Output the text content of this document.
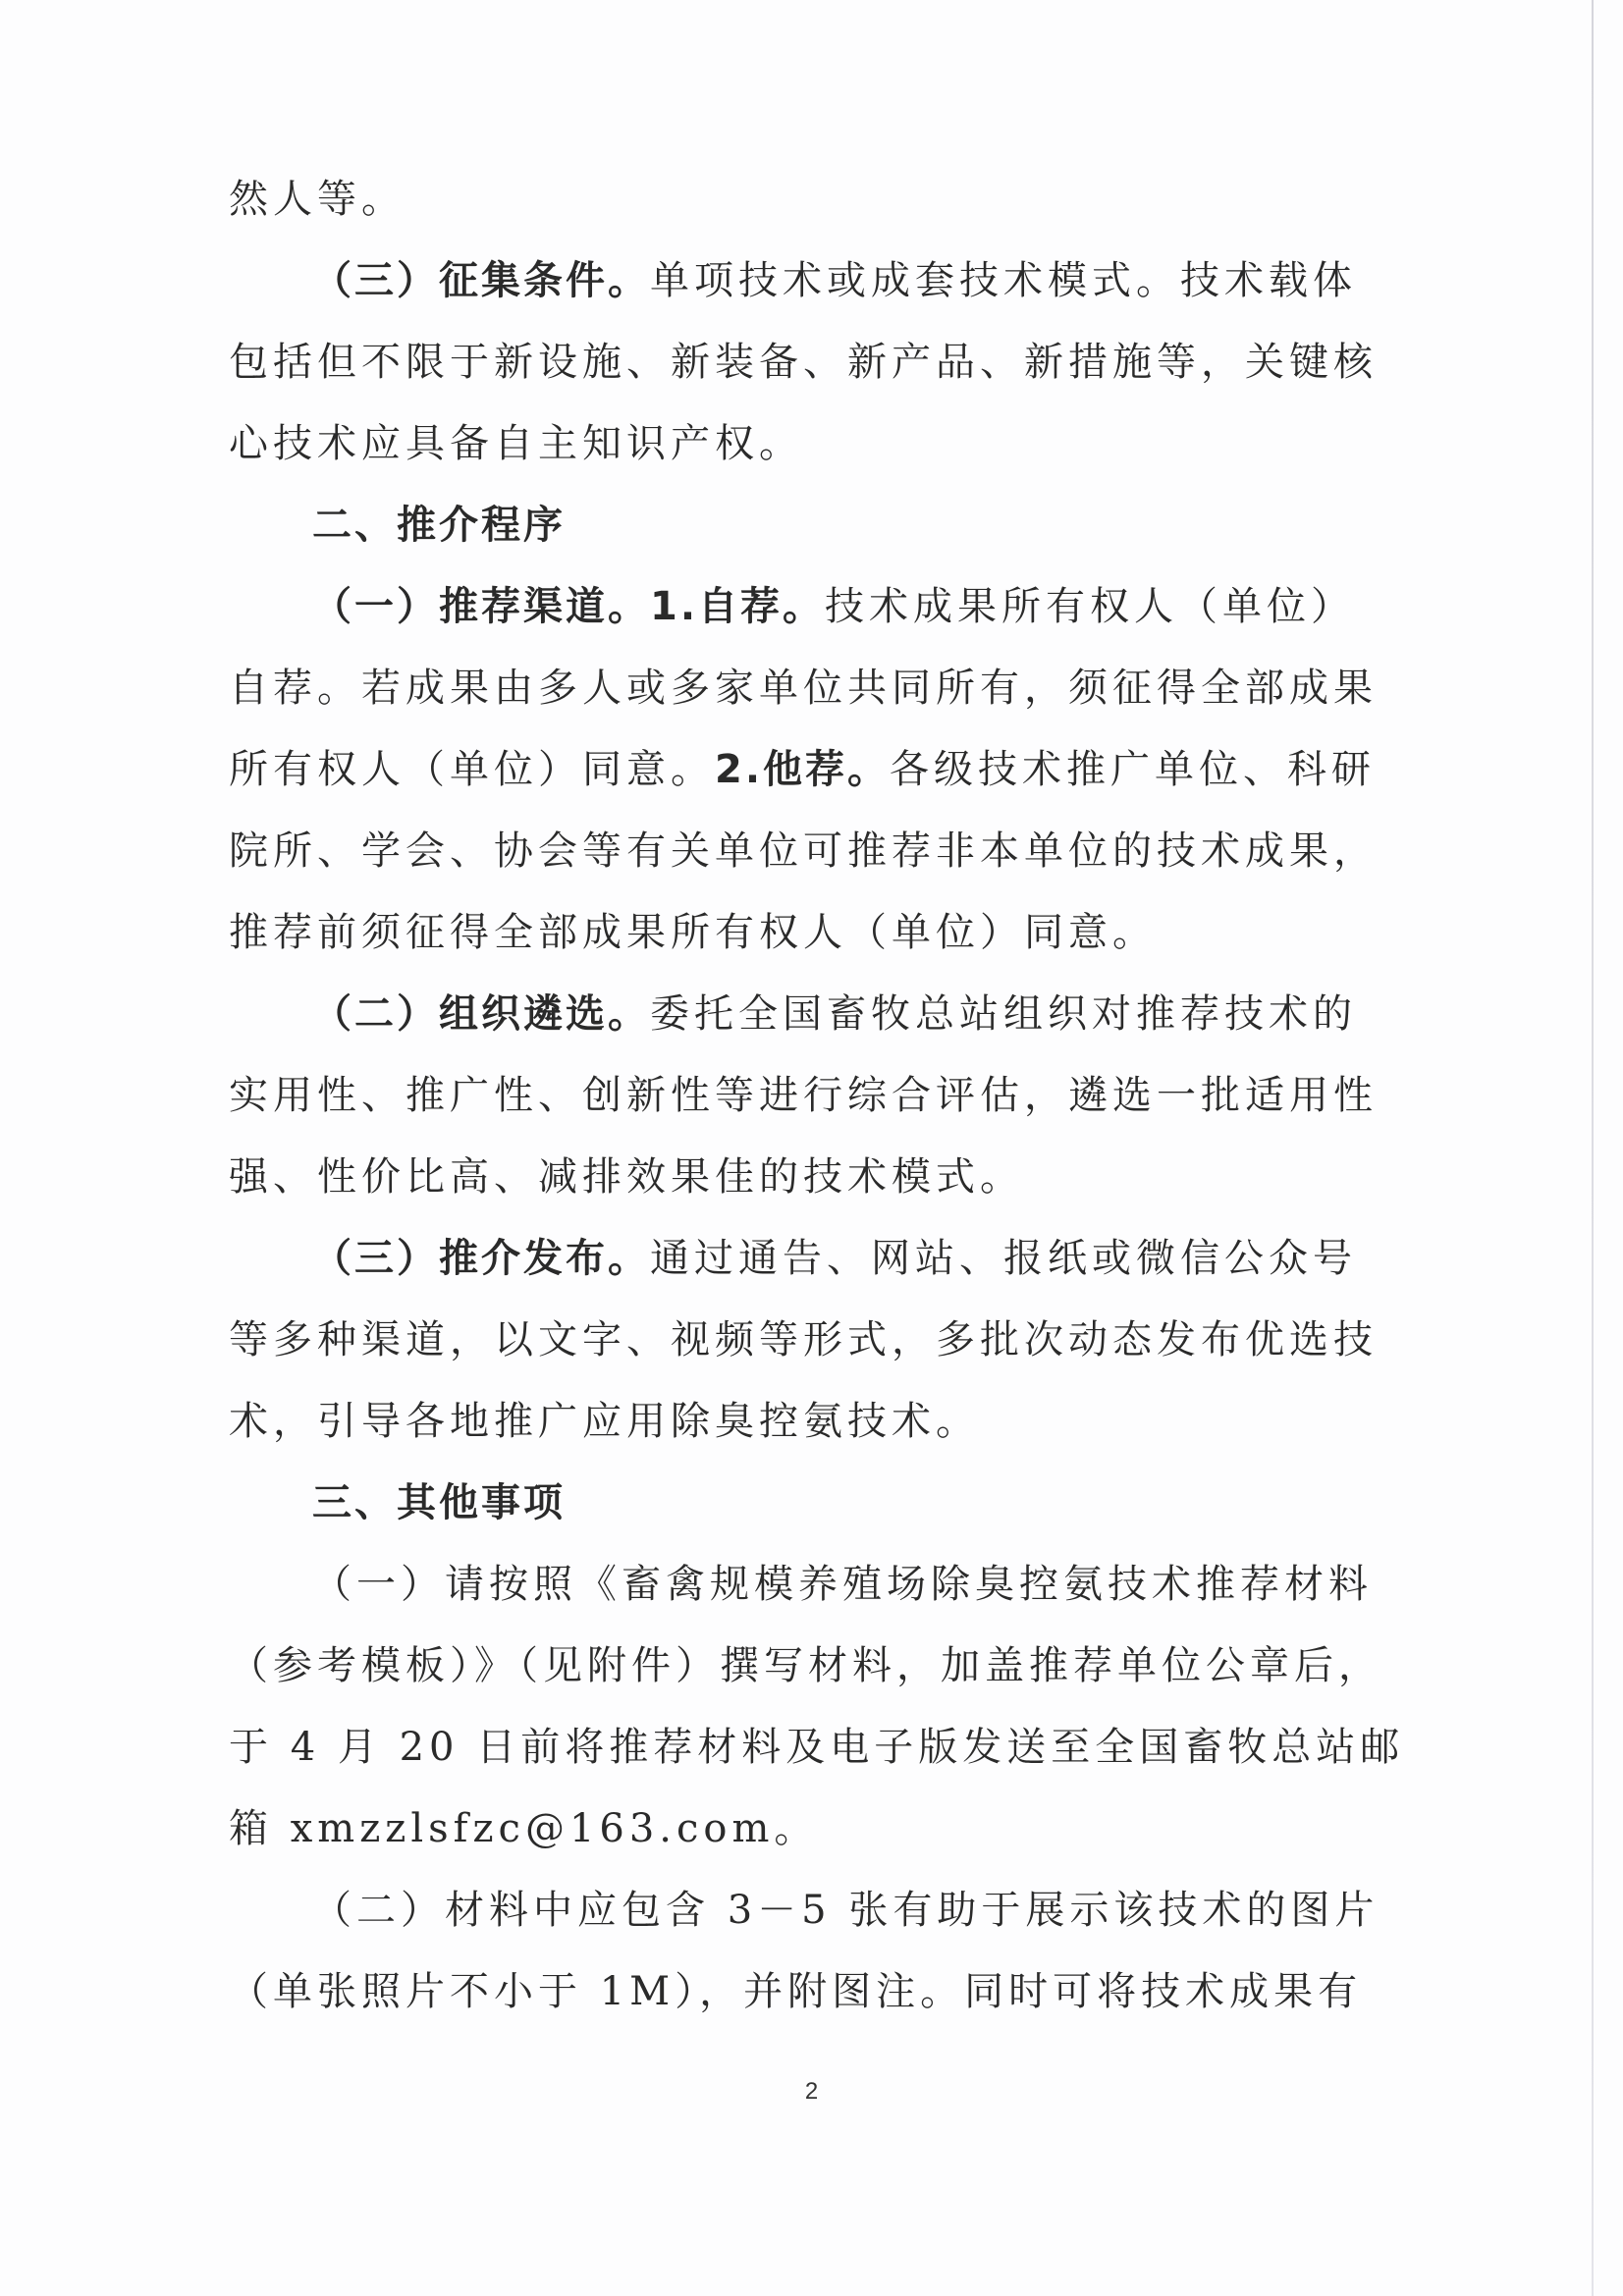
然人等。
（三）征集条件。单项技术或成套技术模式。技术载体
包括但不限于新设施、新装备、新产品、新措施等，关键核
心技术应具备自主知识产权。
二、推介程序
（一）推荐渠道。1.自荐。技术成果所有权人（单位）
自荐。若成果由多人或多家单位共同所有，须征得全部成果
所有权人（单位）同意。2.他荐。各级技术推广单位、科研
院所、学会、协会等有关单位可推荐非本单位的技术成果，
推荐前须征得全部成果所有权人（单位）同意。
（二）组织遴选。委托全国畜牧总站组织对推荐技术的
实用性、推广性、创新性等进行综合评估，遴选一批适用性
强、性价比高、减排效果佳的技术模式。
（三）推介发布。通过通告、网站、报纸或微信公众号
等多种渠道，以文字、视频等形式，多批次动态发布优选技
术，引导各地推广应用除臭控氨技术。
三、其他事项
（一）请按照《畜禽规模养殖场除臭控氨技术推荐材料
（参考模板）》（见附件）撰写材料，加盖推荐单位公章后，
于 4 月 20 日前将推荐材料及电子版发送至全国畜牧总站邮
箱 xmzzlsfzc@163.com。
（二）材料中应包含 3－5 张有助于展示该技术的图片
（单张照片不小于 1M），并附图注。同时可将技术成果有
2
